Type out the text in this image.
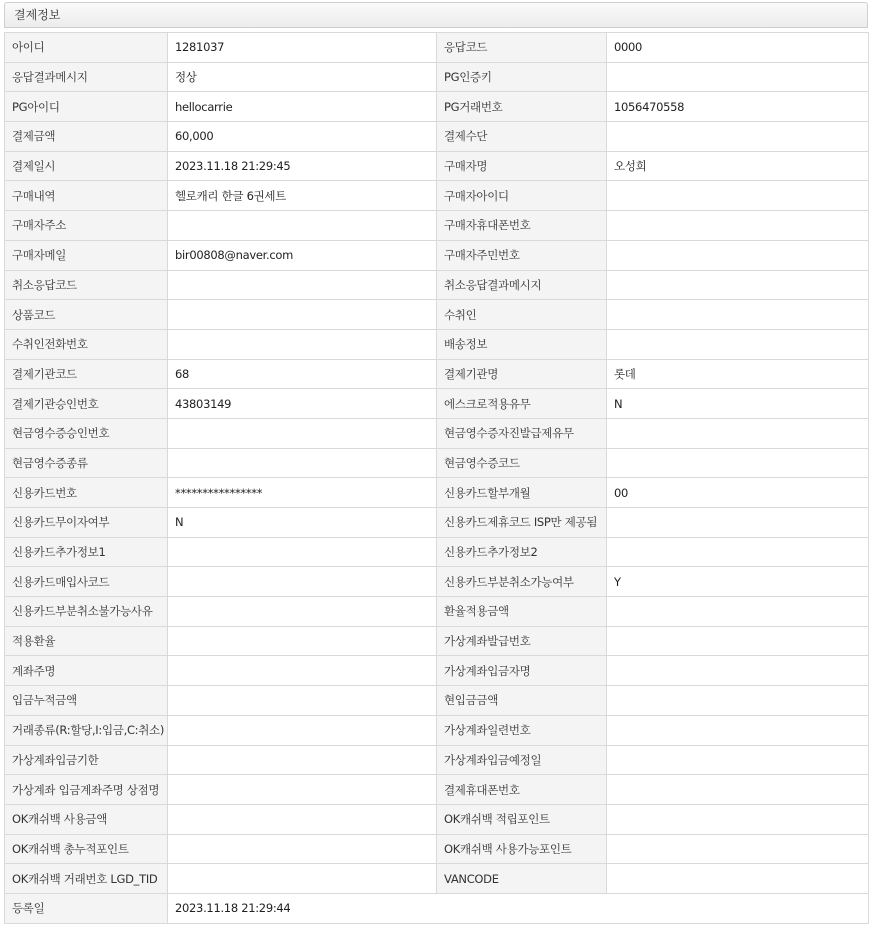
결제정보
아이디	1281037	응답코드	0000
응답결과메시지	정상	PG인증키	
PG아이디	hellocarrie	PG거래번호	1056470558
결제금액	60,000	결제수단	
결제일시	2023.11.18 21:29:45	구매자명	오성희
구매내역	헬로캐리 한글 6권세트	구매자아이디	
구매자주소		구매자휴대폰번호	
구매자메일	bir00808@naver.com	구매자주민번호	
취소응답코드		취소응답결과메시지	
상품코드		수취인	
수취인전화번호		배송정보	
결제기관코드	68	결제기관명	롯데
결제기관승인번호	43803149	에스크로적용유무	N
현금영수증승인번호		현금영수증자진발급제유무	
현금영수증종류		현금영수증코드	
신용카드번호	****************	신용카드할부개월	00
신용카드무이자여부	N	신용카드제휴코드 ISP만 제공됨	
신용카드추가정보1		신용카드추가정보2	
신용카드매입사코드		신용카드부분취소가능여부	Y
신용카드부분취소불가능사유		환율적용금액	
적용환율		가상계좌발급번호	
계좌주명		가상계좌입금자명	
입금누적금액		현입금금액	
거래종류(R:할당,I:입금,C:취소)		가상계좌일련번호	
가상계좌입금기한		가상계좌입금예정일	
가상계좌 입금계좌주명 상점명		결제휴대폰번호	
OK캐쉬백 사용금액		OK캐쉬백 적립포인트	
OK캐쉬백 총누적포인트		OK캐쉬백 사용가능포인트	
OK캐쉬백 거래번호 LGD_TID		VANCODE	
등록일	2023.11.18 21:29:44		
